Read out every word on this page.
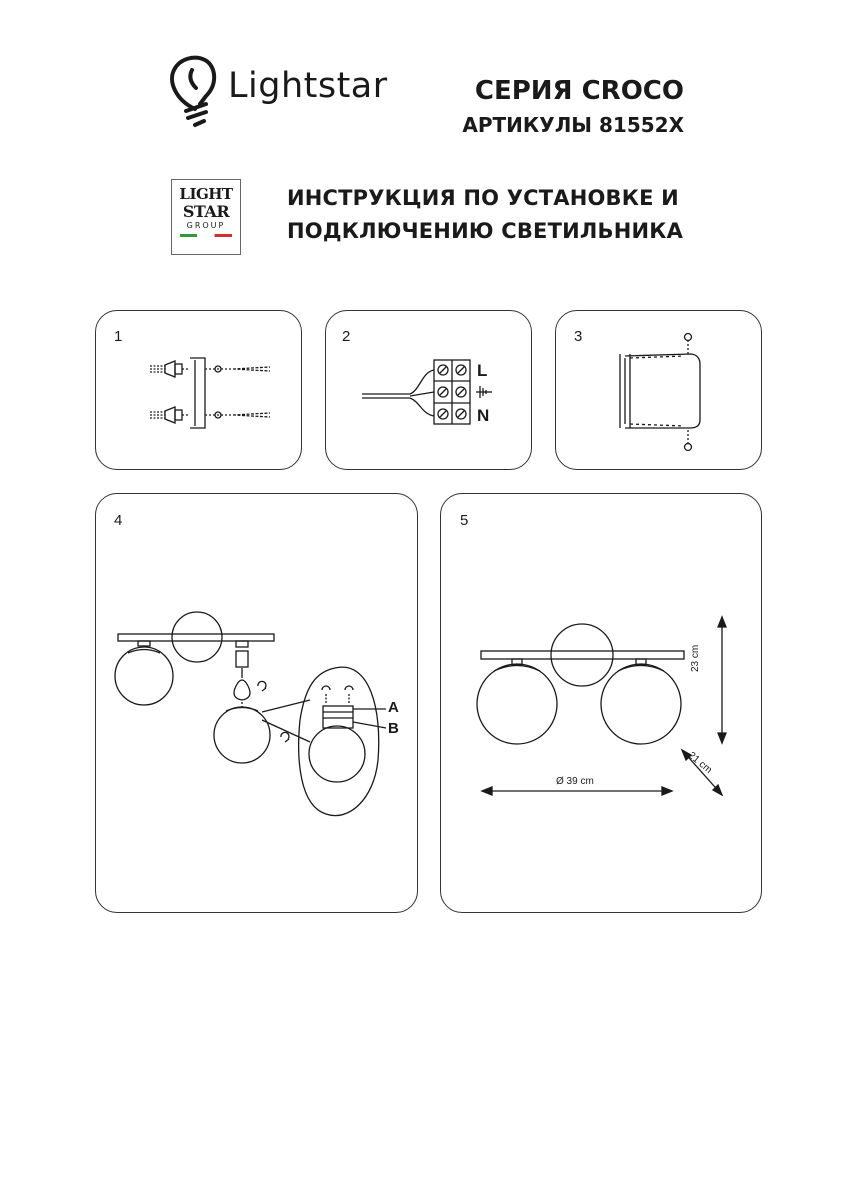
Lightstar	СЕРИЯ CROCO
АРТИКУЛЫ 81552X
LIGHT
STAR
GROUP
ИНСТРУКЦИЯ ПО УСТАНОВКЕ И
ПОДКЛЮЧЕНИЮ СВЕТИЛЬНИКА
1	2	3
4	5
L
N
A
B
Ø 39 cm
23 cm
21 cm
